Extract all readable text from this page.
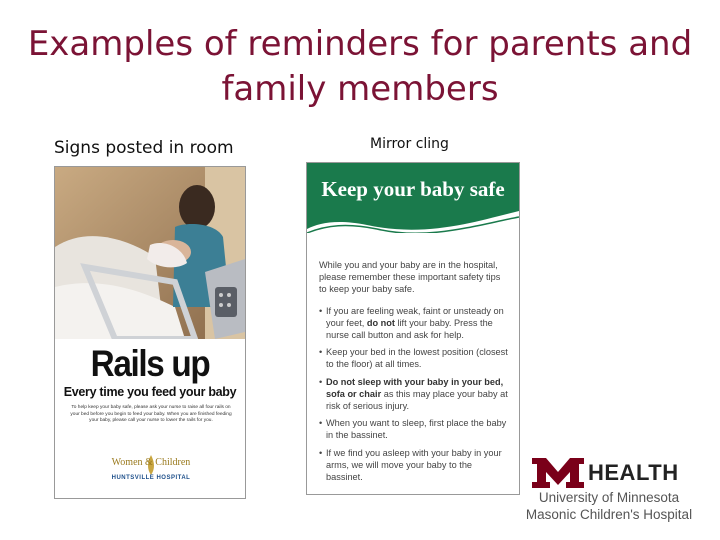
Examples of reminders for parents and family members
Signs posted in room	Mirror cling
Rails up
Every time you feed your baby
To help keep your baby safe, please ask your nurse to raise all four rails on your bed before you begin to feed your baby. When you are finished feeding your baby, please call your nurse to lower the rails for you.
Women & Children
HUNTSVILLE HOSPITAL
Keep your baby safe
While you and your baby are in the hospital, please remember these important safety tips to keep your baby safe.
• If you are feeling weak, faint or unsteady on your feet, do not lift your baby. Press the nurse call button and ask for help.
• Keep your bed in the lowest position (closest to the floor) at all times.
• Do not sleep with your baby in your bed, sofa or chair as this may place your baby at risk of serious injury.
• When you want to sleep, first place the baby in the bassinet.
• If we find you asleep with your baby in your arms, we will move your baby to the bassinet.	HEALTH
University of Minnesota
Masonic Children's Hospital
